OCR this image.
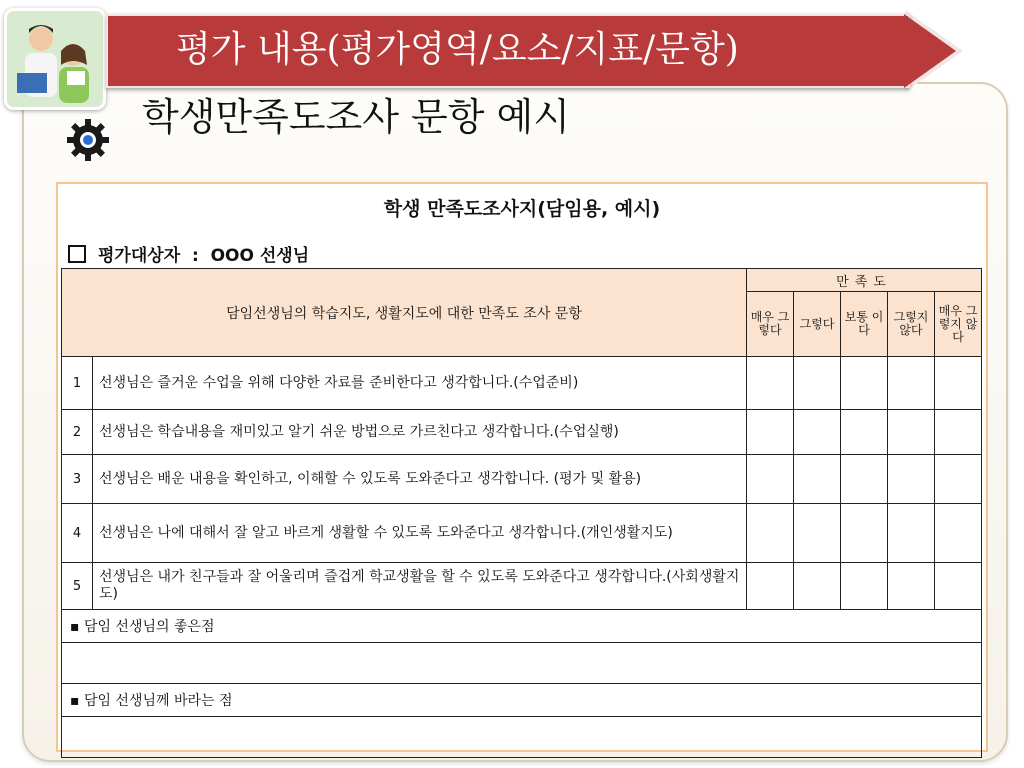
평가 내용(평가영역/요소/지표/문항)
학생만족도조사 문항 예시
학생 만족도조사지(담임용, 예시)
평가대상자  :  OOO 선생님
담임선생님의 학습지도, 생활지도에 대한 만족도 조사 문항		만족도				
		매우 그렇다	그렇다	보통 이다	그렇지 않다	매우 그렇지 않다
1	선생님은 즐거운 수업을 위해 다양한 자료를 준비한다고 생각합니다.(수업준비)					
2	선생님은 학습내용을 재미있고 알기 쉬운 방법으로 가르친다고 생각합니다.(수업실행)					
3	선생님은 배운 내용을 확인하고, 이해할 수 있도록 도와준다고 생각합니다. (평가 및 활용)					
4	선생님은 나에 대해서 잘 알고 바르게 생활할 수 있도록 도와준다고 생각합니다.(개인생활지도)					
5	선생님은 내가 친구들과 잘 어울리며 즐겁게 학교생활을 할 수 있도록 도와준다고 생각합니다.(사회생활지도)					
▪ 담임 선생님의 좋은점						

▪ 담임 선생님께 바라는 점						
